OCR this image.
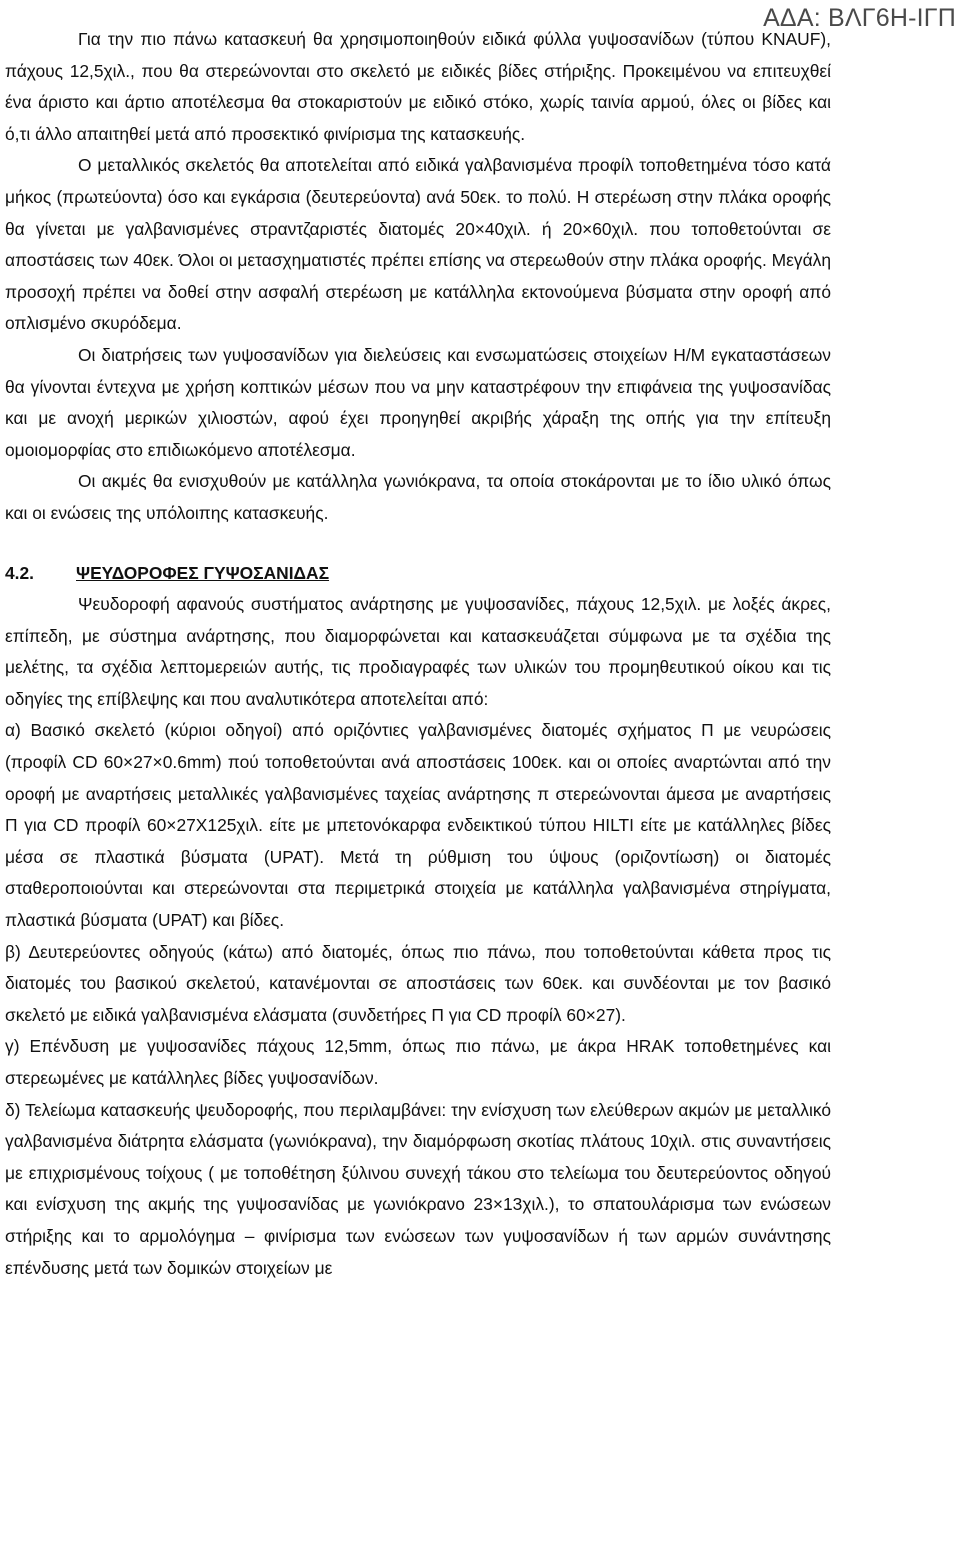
ΑΔΑ: ΒΛΓ6Η-ΙΓΠ

Για την πιο πάνω κατασκευή θα χρησιμοποιηθούν ειδικά φύλλα γυψοσανίδων (τύπου KNAUF), πάχους 12,5χιλ., που θα στερεώνονται στο σκελετό με ειδικές βίδες στήριξης. Προκειμένου να επιτευχθεί ένα άριστο και άρτιο αποτέλεσμα θα στοκαριστούν με ειδικό στόκο, χωρίς ταινία αρμού, όλες οι βίδες και ό,τι άλλο απαιτηθεί μετά από προσεκτικό φινίρισμα της κατασκευής.

Ο μεταλλικός σκελετός θα αποτελείται από ειδικά γαλβανισμένα προφίλ τοποθετημένα τόσο κατά μήκος (πρωτεύοντα) όσο και εγκάρσια (δευτερεύοντα) ανά 50εκ. το πολύ. Η στερέωση στην πλάκα οροφής θα γίνεται με γαλβανισμένες στραντζαριστές διατομές 20×40χιλ. ή 20×60χιλ. που τοποθετούνται σε αποστάσεις των 40εκ. Όλοι οι μετασχηματιστές πρέπει επίσης να στερεωθούν στην πλάκα οροφής. Μεγάλη προσοχή πρέπει να δοθεί στην ασφαλή στερέωση με κατάλληλα εκτονούμενα βύσματα στην οροφή από οπλισμένο σκυρόδεμα.

Οι διατρήσεις των γυψοσανίδων για διελεύσεις και ενσωματώσεις στοιχείων Η/Μ εγκαταστάσεων θα γίνονται έντεχνα με χρήση κοπτικών μέσων που να μην καταστρέφουν την επιφάνεια της γυψοσανίδας και με ανοχή μερικών χιλιοστών, αφού έχει προηγηθεί ακριβής χάραξη της οπής για την επίτευξη ομοιομορφίας στο επιδιωκόμενο αποτέλεσμα.

Οι ακμές θα ενισχυθούν με κατάλληλα γωνιόκρανα, τα οποία στοκάρονται με το ίδιο υλικό όπως και οι ενώσεις της υπόλοιπης κατασκευής.

4.2. ΨΕΥΔΟΡΟΦΕΣ ΓΥΨΟΣΑΝΙΔΑΣ

Ψευδοροφή αφανούς συστήματος ανάρτησης με γυψοσανίδες, πάχους 12,5χιλ. με λοξές άκρες, επίπεδη, με σύστημα ανάρτησης, που διαμορφώνεται και κατασκευάζεται σύμφωνα με τα σχέδια της μελέτης, τα σχέδια λεπτομερειών αυτής, τις προδιαγραφές των υλικών του προμηθευτικού οίκου και τις οδηγίες της επίβλεψης και που αναλυτικότερα αποτελείται από:

α) Βασικό σκελετό (κύριοι οδηγοί) από οριζόντιες γαλβανισμένες διατομές σχήματος Π με νευρώσεις (προφίλ CD 60×27×0.6mm) πού τοποθετούνται ανά αποστάσεις 100εκ. και οι οποίες αναρτώνται από την οροφή με αναρτήσεις μεταλλικές γαλβανισμένες ταχείας ανάρτησης π στερεώνονται άμεσα με αναρτήσεις Π για CD προφίλ 60×27Χ125χιλ. είτε με μπετονόκαρφα ενδεικτικού τύπου HILTI είτε με κατάλληλες βίδες μέσα σε πλαστικά βύσματα (UPAT). Μετά τη ρύθμιση του ύψους (οριζοντίωση) οι διατομές σταθεροποιούνται και στερεώνονται στα περιμετρικά στοιχεία με κατάλληλα γαλβανισμένα στηρίγματα, πλαστικά βύσματα (UPAT) και βίδες.

β) Δευτερεύοντες οδηγούς (κάτω) από διατομές, όπως πιο πάνω, που τοποθετούνται κάθετα προς τις διατομές του βασικού σκελετού, κατανέμονται σε αποστάσεις των 60εκ. και συνδέονται με τον βασικό σκελετό με ειδικά γαλβανισμένα ελάσματα (συνδετήρες Π για CD προφίλ 60×27).

γ) Επένδυση με γυψοσανίδες πάχους 12,5mm, όπως πιο πάνω, με άκρα HRAK τοποθετημένες και στερεωμένες με κατάλληλες βίδες γυψοσανίδων.

δ) Τελείωμα κατασκευής ψευδοροφής, που περιλαμβάνει: την ενίσχυση των ελεύθερων ακμών με μεταλλικό γαλβανισμένα διάτρητα ελάσματα (γωνιόκρανα), την διαμόρφωση σκοτίας πλάτους 10χιλ. στις συναντήσεις με επιχρισμένους τοίχους ( με τοποθέτηση ξύλινου συνεχή τάκου στο τελείωμα του δευτερεύοντος οδηγού και ενίσχυση της ακμής της γυψοσανίδας με γωνιόκρανο 23×13χιλ.), το σπατουλάρισμα των ενώσεων στήριξης και το αρμολόγημα – φινίρισμα των ενώσεων των γυψοσανίδων ή των αρμών συνάντησης επένδυσης μετά των δομικών στοιχείων με
